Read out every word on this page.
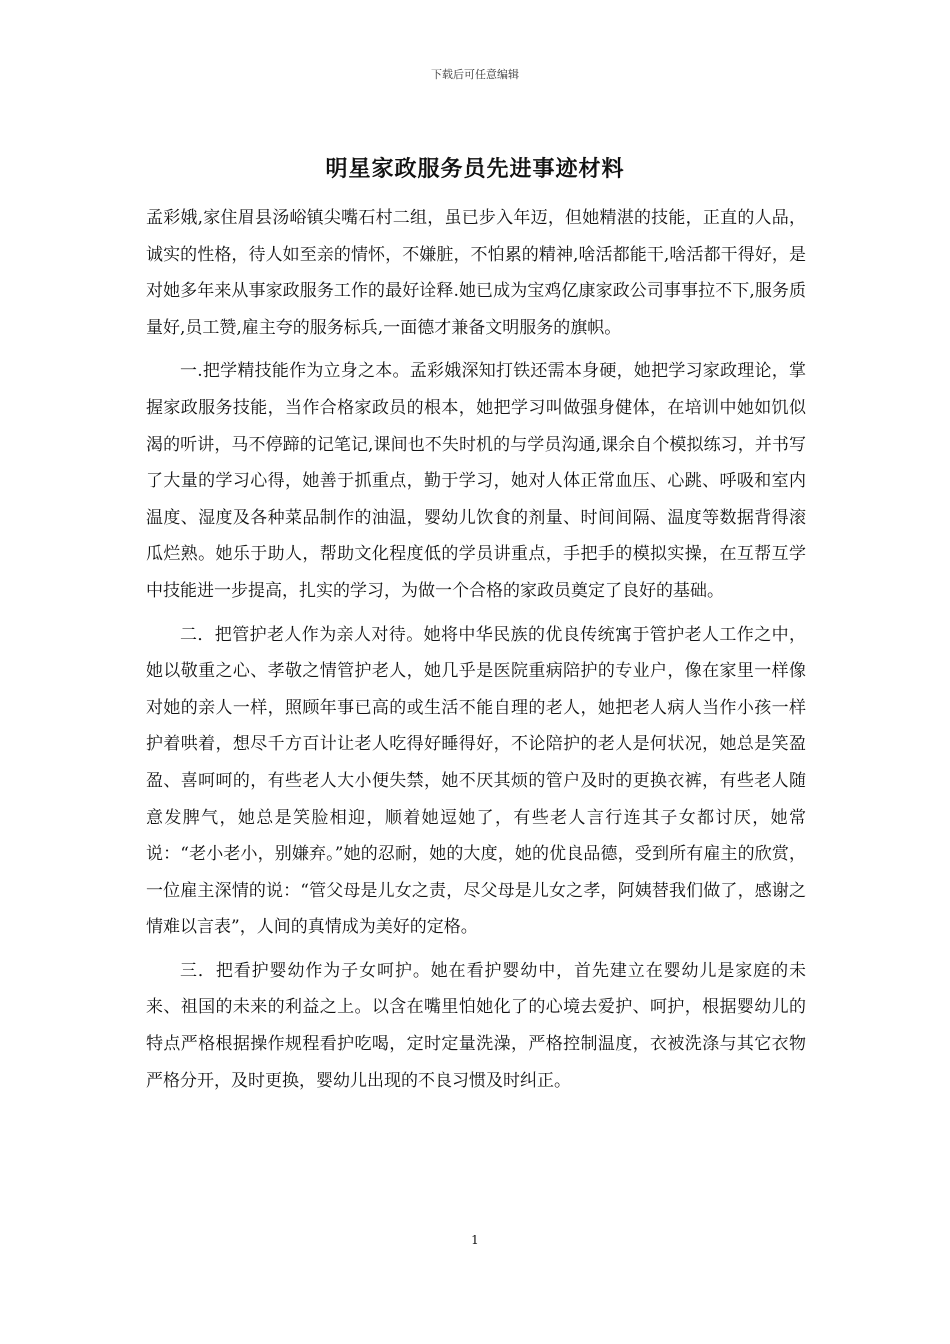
下载后可任意编辑
明星家政服务员先进事迹材料

孟彩娥,家住眉县汤峪镇尖嘴石村二组，虽已步入年迈，但她精湛的技能，正直的人品，诚实的性格，待人如至亲的情怀，不嫌脏，不怕累的精神,啥活都能干,啥活都干得好，是对她多年来从事家政服务工作的最好诠释.她已成为宝鸡亿康家政公司事事拉不下,服务质量好,员工赞,雇主夸的服务标兵,一面德才兼备文明服务的旗帜。

一.把学精技能作为立身之本。孟彩娥深知打铁还需本身硬，她把学习家政理论，掌握家政服务技能，当作合格家政员的根本，她把学习叫做强身健体，在培训中她如饥似渴的听讲，马不停蹄的记笔记,课间也不失时机的与学员沟通,课余自个模拟练习，并书写了大量的学习心得，她善于抓重点，勤于学习，她对人体正常血压、心跳、呼吸和室内温度、湿度及各种菜品制作的油温，婴幼儿饮食的剂量、时间间隔、温度等数据背得滚瓜烂熟。她乐于助人，帮助文化程度低的学员讲重点，手把手的模拟实操，在互帮互学中技能进一步提高，扎实的学习，为做一个合格的家政员奠定了良好的基础。

二．把管护老人作为亲人对待。她将中华民族的优良传统寓于管护老人工作之中，她以敬重之心、孝敬之情管护老人，她几乎是医院重病陪护的专业户，像在家里一样像对她的亲人一样，照顾年事已高的或生活不能自理的老人，她把老人病人当作小孩一样护着哄着，想尽千方百计让老人吃得好睡得好，不论陪护的老人是何状况，她总是笑盈盈、喜呵呵的，有些老人大小便失禁，她不厌其烦的管户及时的更换衣裤，有些老人随意发脾气，她总是笑脸相迎，顺着她逗她了，有些老人言行连其子女都讨厌，她常说：“老小老小，别嫌弃。”她的忍耐，她的大度，她的优良品德，受到所有雇主的欣赏，一位雇主深情的说：“管父母是儿女之责，尽父母是儿女之孝，阿姨替我们做了，感谢之情难以言表”，人间的真情成为美好的定格。

三．把看护婴幼作为子女呵护。她在看护婴幼中，首先建立在婴幼儿是家庭的未来、祖国的未来的利益之上。以含在嘴里怕她化了的心境去爱护、呵护，根据婴幼儿的特点严格根据操作规程看护吃喝，定时定量洗澡，严格控制温度，衣被洗涤与其它衣物严格分开，及时更换，婴幼儿出现的不良习惯及时纠正。

1
